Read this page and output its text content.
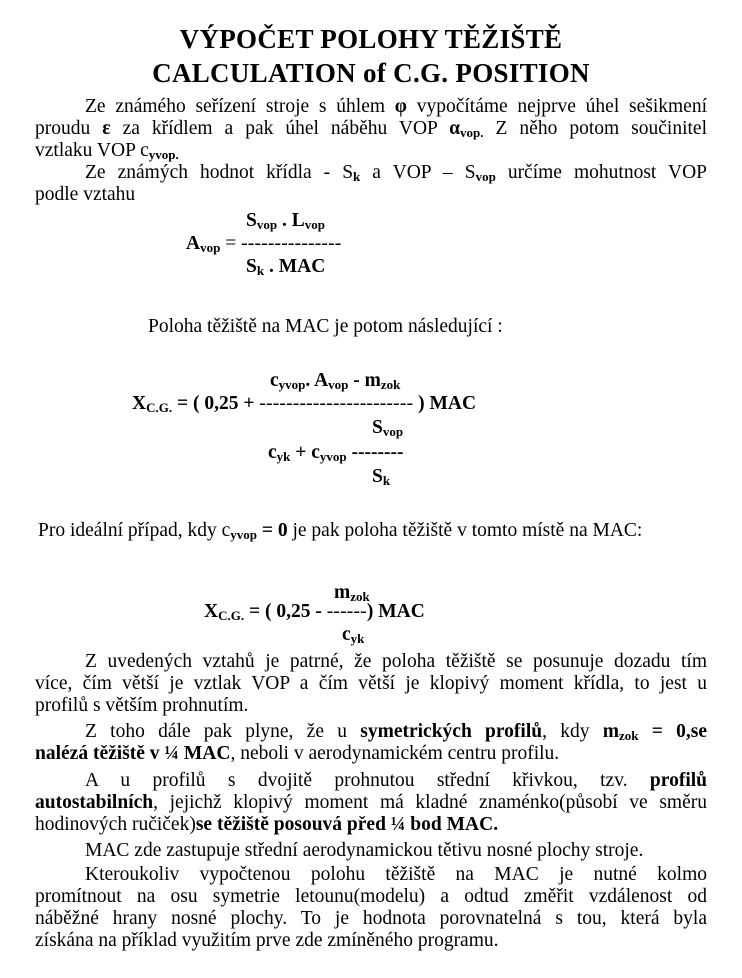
VÝPOČET POLOHY TĚŽIŠTĚ
CALCULATION of C.G. POSITION
Ze známého seřízení stroje s úhlem φ vypočítáme nejprve úhel sešikmení
proudu ε za křídlem a pak úhel náběhu VOP $\alpha_{vop.}$ Z něho potom součinitel
vztlaku VOP $c_{yvop.}$
Ze známých hodnot křídla - $S_k$ a VOP – $S_{vop}$ určíme mohutnost VOP
podle vztahu
$S_{vop}$ . $L_{vop}$
$A_{vop}$ = ---------------
$S_k$ . MAC
Poloha těžiště na MAC je potom následující :
$c_{yvop}$. $A_{vop} - m_{zok}$
$X_{C.G.}$ = ( 0,25 + ----------------------- ) MAC
$S_{vop}$
$c_{yk} + c_{yvop}$ --------
$S_k$
Pro ideální případ, kdy $c_{yvop} = 0$ je pak poloha těžiště v tomto místě na MAC:
$m_{zok}$
$X_{C.G.}$ = ( 0,25 - ------) MAC
$c_{yk}$
Z uvedených vztahů je patrné, že poloha těžiště se posunuje dozadu tím
více, čím větší je vztlak VOP a čím větší je klopivý moment křídla, to jest u
profilů s větším prohnutím.
Z toho dále pak plyne, že u symetrických profilů, kdy $m_{zok} = 0,se$
nalézá těžiště v ¼ MAC, neboli v aerodynamickém centru profilu.
A u profilů s dvojitě prohnutou střední křivkou, tzv. profilů
autostabilních, jejichž klopivý moment má kladné znaménko(působí ve směru
hodinových ručiček)se těžiště posouvá před ¼ bod MAC.
MAC zde zastupuje střední aerodynamickou tětivu nosné plochy stroje.
Kteroukoliv vypočtenou polohu těžiště na MAC je nutné kolmo
promítnout na osu symetrie letounu(modelu) a odtud změřit vzdálenost od
náběžné hrany nosné plochy. To je hodnota porovnatelná s tou, která byla
získána na příklad využitím prve zde zmíněného programu.
